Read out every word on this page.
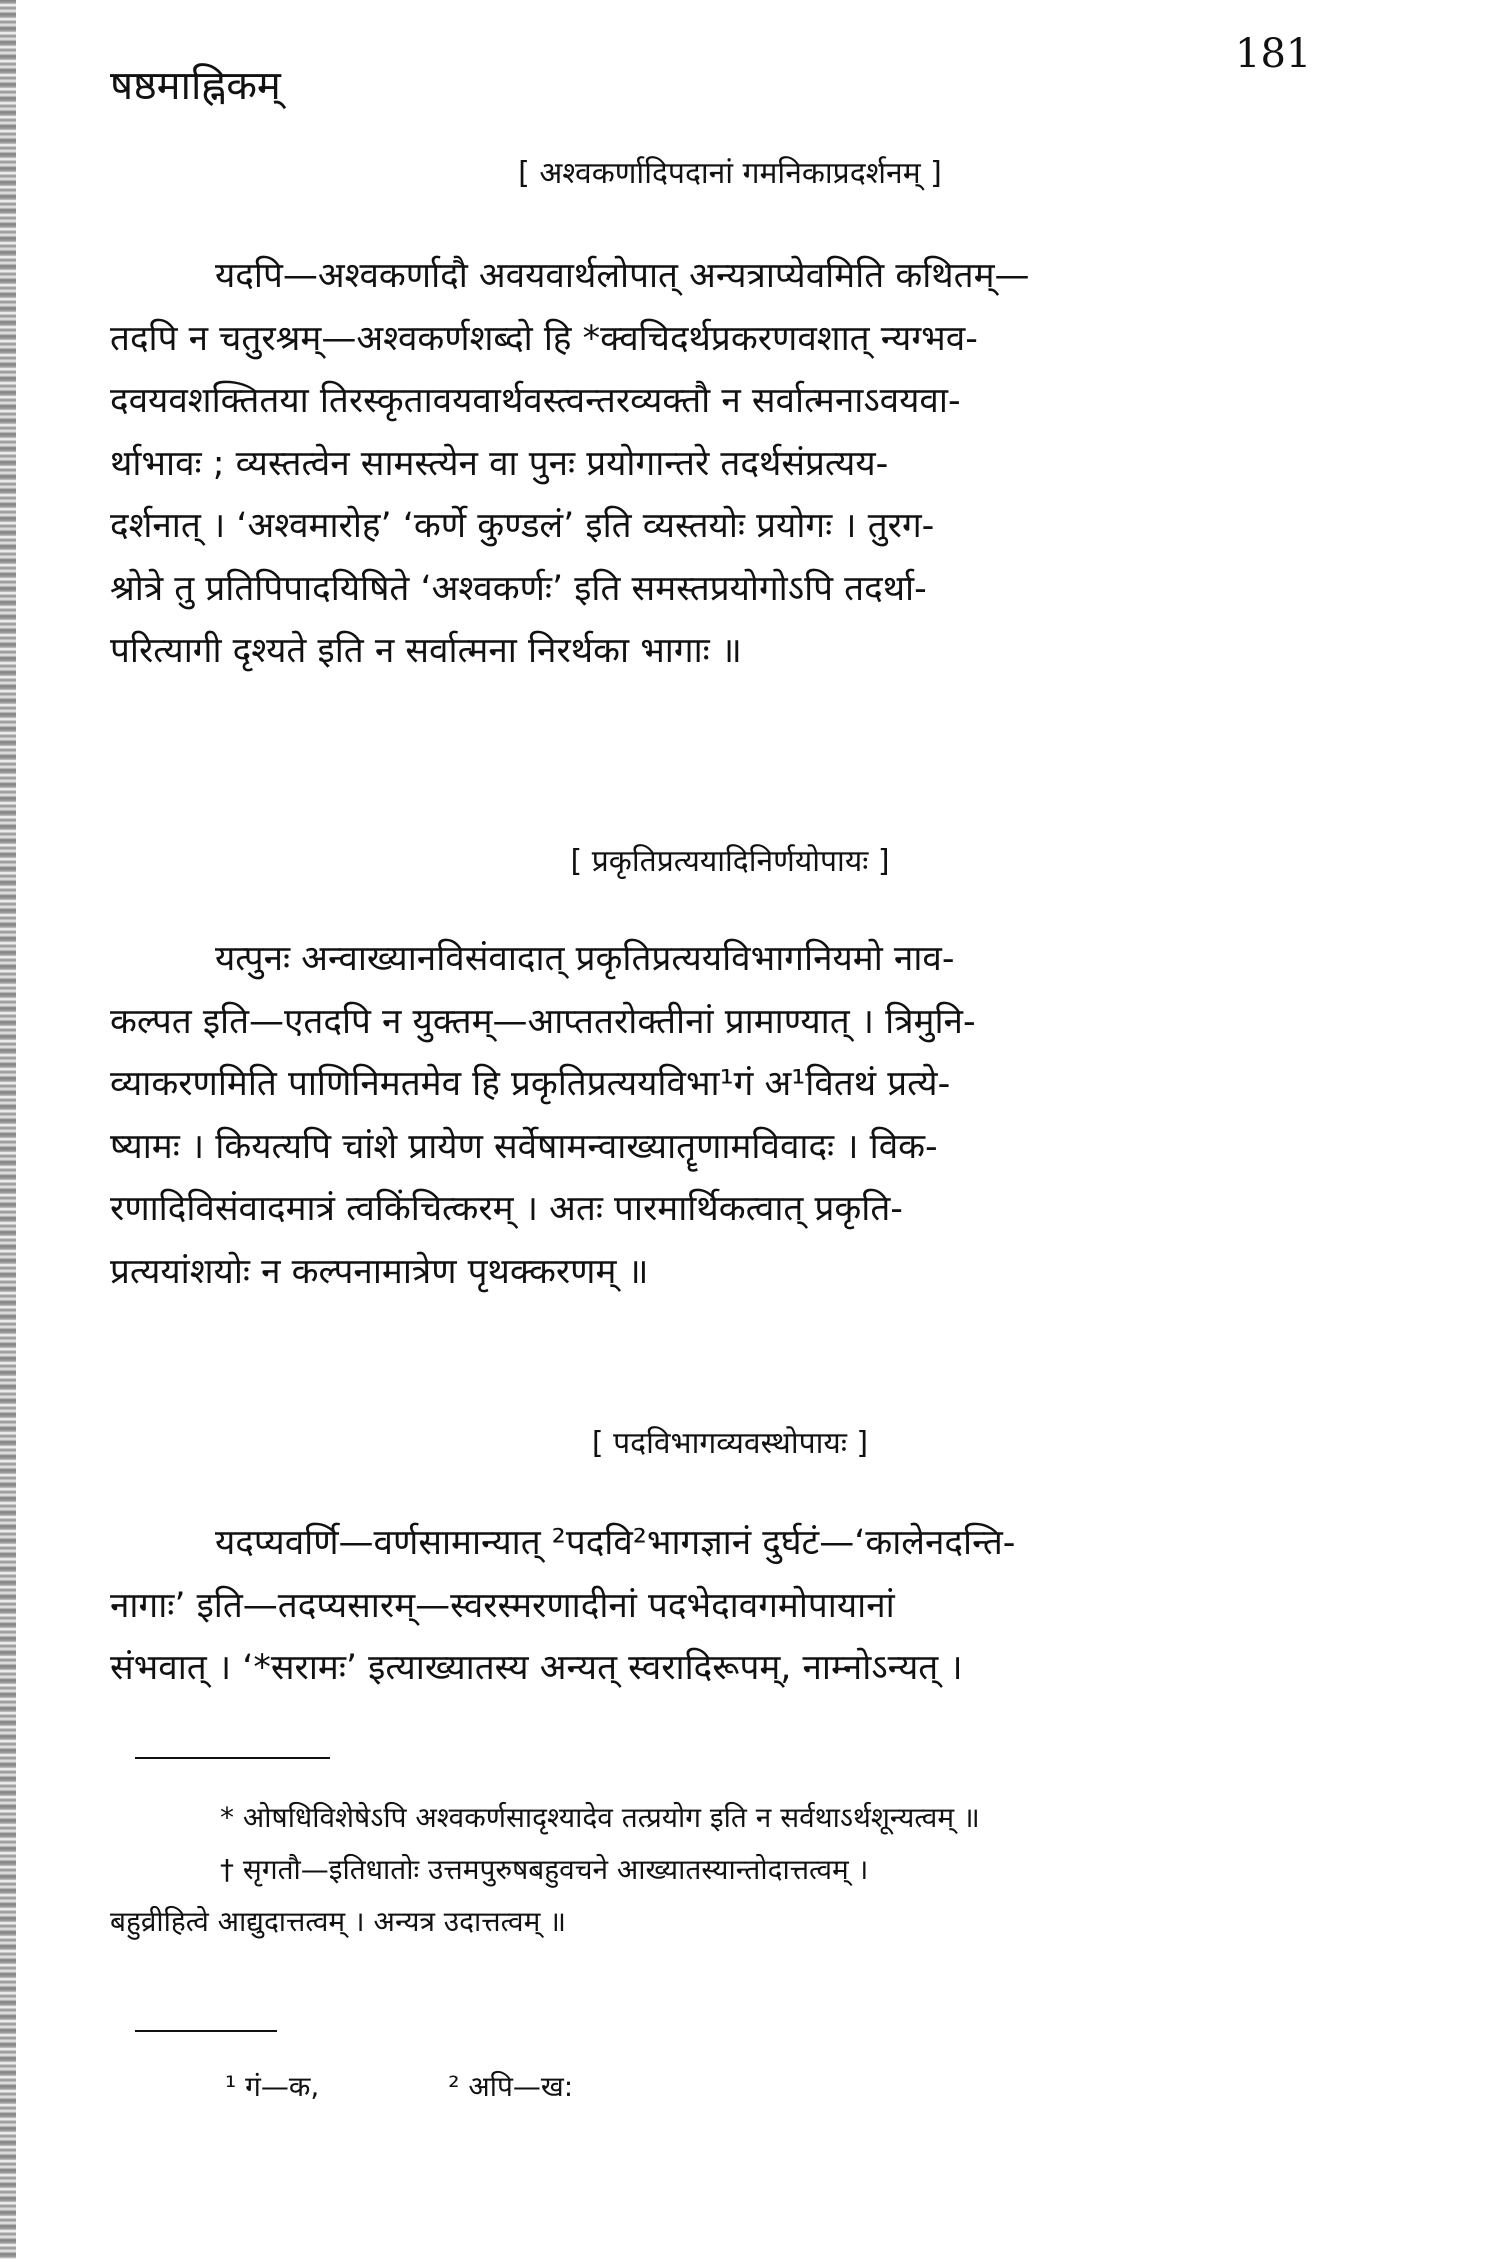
षष्ठमाह्निकम्
181
[ अश्वकर्णादिपदानां गमनिकाप्रदर्शनम् ]
यदपि—अश्वकर्णादौ अवयवार्थलोपात् अन्यत्राप्येवमिति कथितम्—
तदपि न चतुरश्रम्—अश्वकर्णशब्दो हि *क्वचिदर्थप्रकरणवशात् न्यग्भव-
दवयवशक्तितया तिरस्कृतावयवार्थवस्त्वन्तरव्यक्तौ न सर्वात्मनाऽवयवा-
र्थाभावः ; व्यस्तत्वेन सामस्त्येन वा पुनः प्रयोगान्तरे तदर्थसंप्रत्यय-
दर्शनात् । ‘अश्वमारोह’ ‘कर्णे कुण्डलं’ इति व्यस्तयोः प्रयोगः । तुरग-
श्रोत्रे तु प्रतिपिपादयिषिते ‘अश्वकर्णः’ इति समस्तप्रयोगोऽपि तदर्था-
परित्यागी दृश्यते इति न सर्वात्मना निरर्थका भागाः ॥
[ प्रकृतिप्रत्ययादिनिर्णयोपायः ]
यत्पुनः अन्वाख्यानविसंवादात् प्रकृतिप्रत्ययविभागनियमो नाव-
कल्पत इति—एतदपि न युक्तम्—आप्ततरोक्तीनां प्रामाण्यात् । त्रिमुनि-
व्याकरणमिति पाणिनिमतमेव हि प्रकृतिप्रत्ययविभा¹गं अ¹वितथं प्रत्ये-
ष्यामः । कियत्यपि चांशे प्रायेण सर्वेषामन्वाख्यातॄणामविवादः । विक-
रणादिविसंवादमात्रं त्वकिंचित्करम् । अतः पारमार्थिकत्वात् प्रकृति-
प्रत्ययांशयोः न कल्पनामात्रेण पृथक्करणम् ॥
[ पदविभागव्यवस्थोपायः ]
यदप्यवर्णि—वर्णसामान्यात् ²पदवि²भागज्ञानं दुर्घटं—‘कालेनदन्ति-
नागाः’ इति—तदप्यसारम्—स्वरस्मरणादीनां पदभेदावगमोपायानां
संभवात् । ‘*सरामः’ इत्याख्यातस्य अन्यत् स्वरादिरूपम्, नाम्नोऽन्यत् ।
* ओषधिविशेषेऽपि अश्वकर्णसादृश्यादेव तत्प्रयोग इति न सर्वथाऽर्थशून्यत्वम् ॥
† सृगतौ—इतिधातोः उत्तमपुरुषबहुवचने आख्यातस्यान्तोदात्तत्वम् ।
बहुव्रीहित्वे आद्युदात्तत्वम् । अन्यत्र उदात्तत्वम् ॥
¹ गं—क,	² अपि—ख:
